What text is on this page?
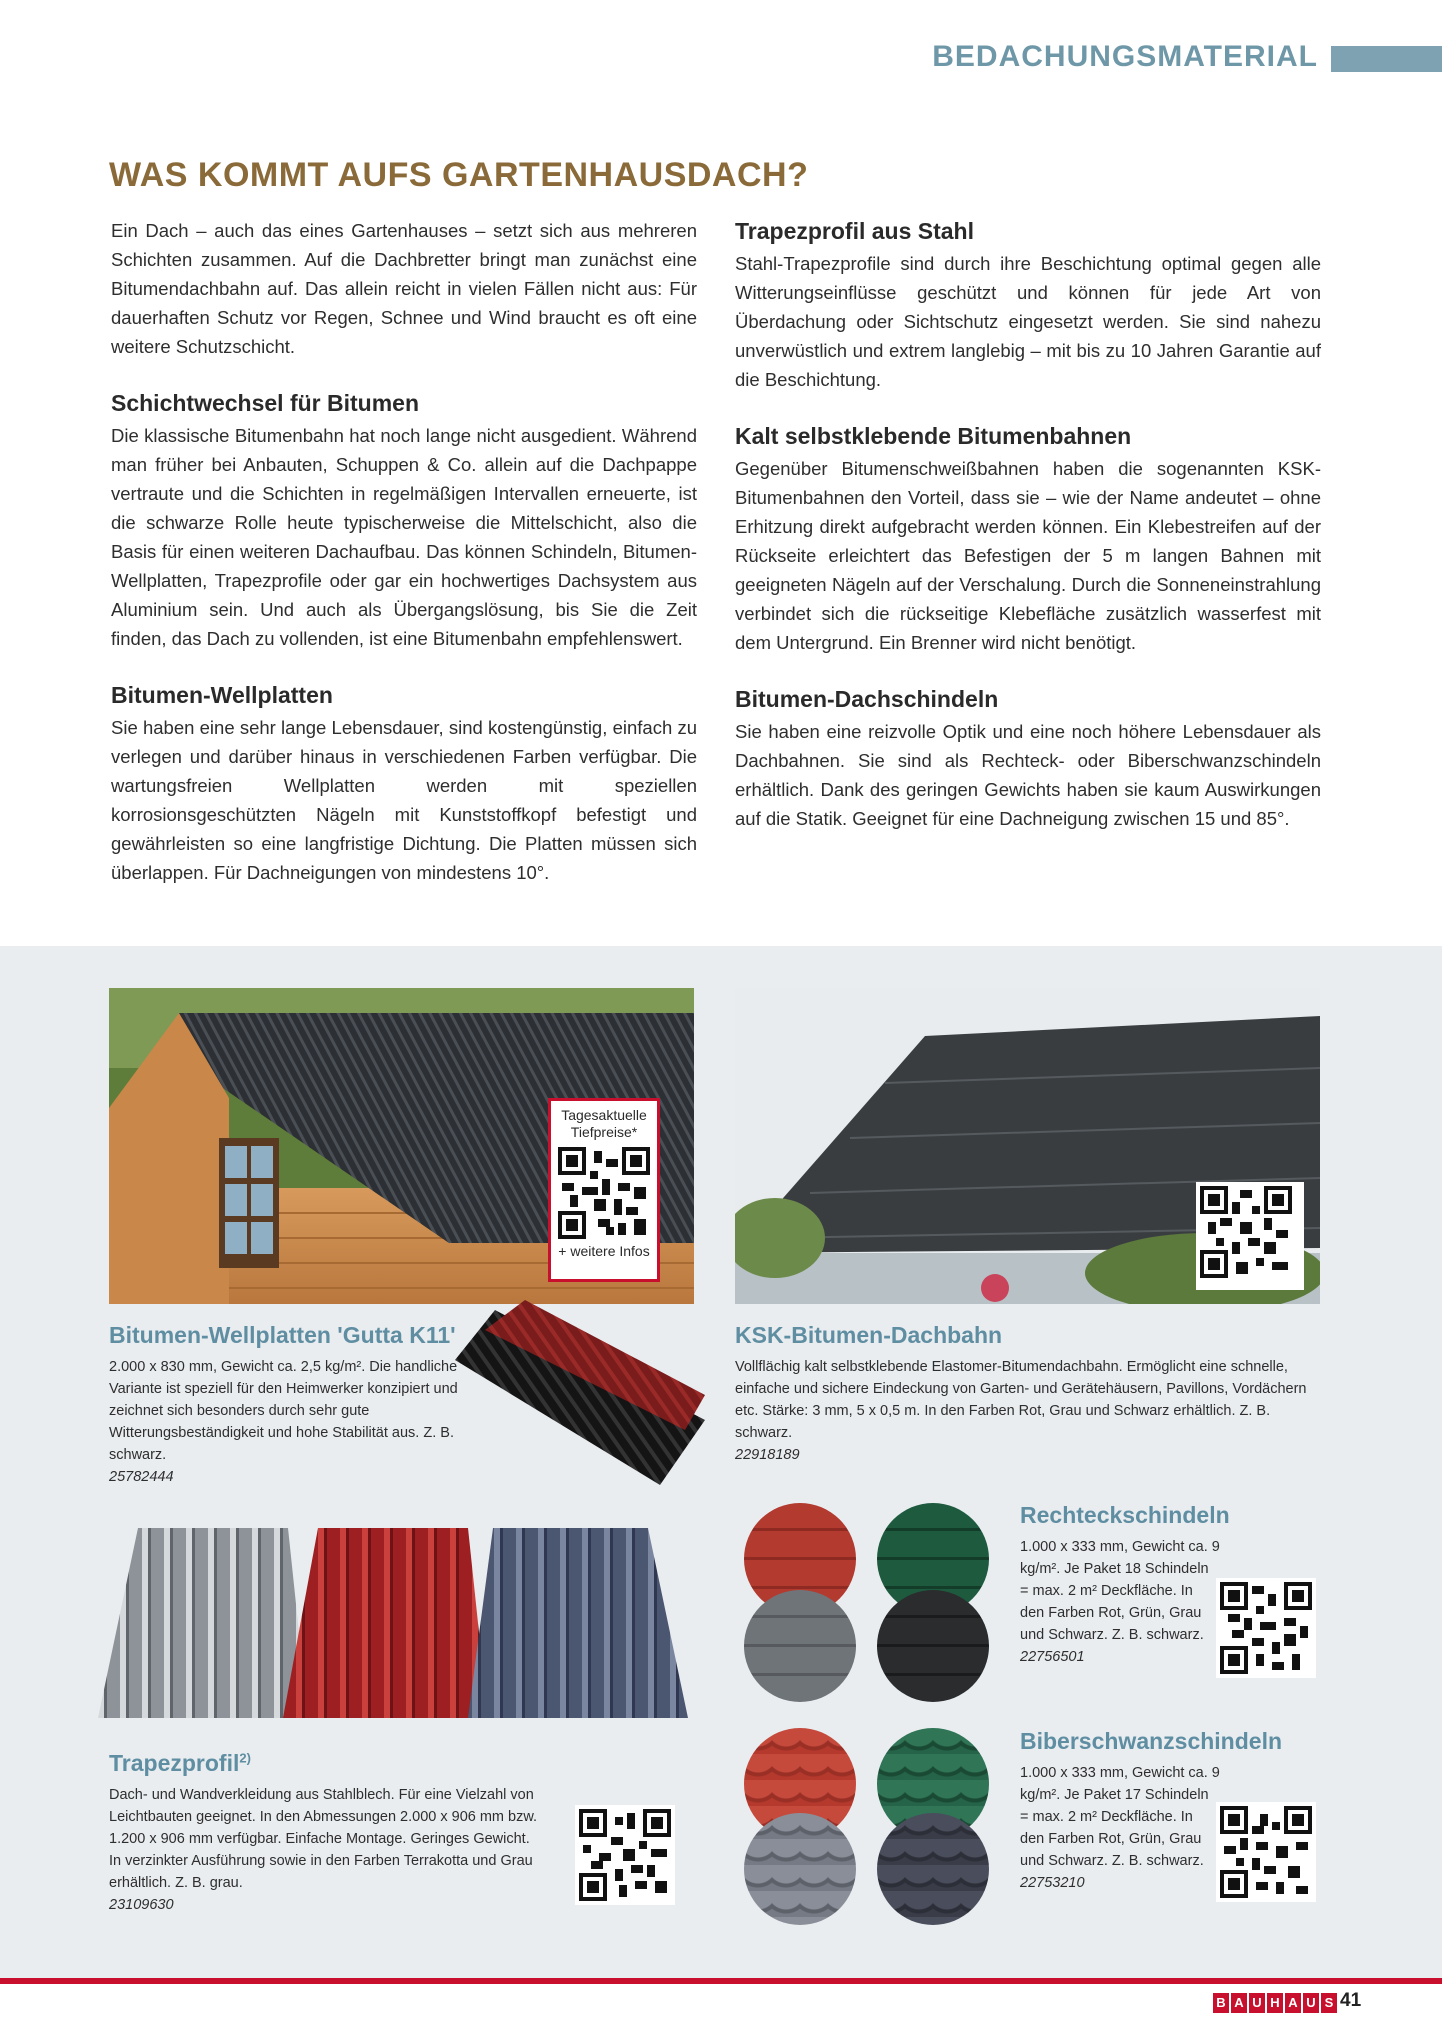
BEDACHUNGSMATERIAL
WAS KOMMT AUFS GARTENHAUSDACH?

Ein Dach – auch das eines Gartenhauses – setzt sich aus mehreren Schichten zusammen. Auf die Dachbretter bringt man zunächst eine Bitumendachbahn auf. Das allein reicht in vielen Fällen nicht aus: Für dauerhaften Schutz vor Regen, Schnee und Wind braucht es oft eine weitere Schutzschicht.

Schichtwechsel für Bitumen

Die klassische Bitumenbahn hat noch lange nicht ausgedient. Während man früher bei Anbauten, Schuppen & Co. allein auf die Dachpappe vertraute und die Schichten in regelmäßigen Intervallen erneuerte, ist die schwarze Rolle heute typischerweise die Mittelschicht, also die Basis für einen weiteren Dachaufbau. Das können Schindeln, Bitumen-Wellplatten, Trapezprofile oder gar ein hochwertiges Dachsystem aus Aluminium sein. Und auch als Übergangslösung, bis Sie die Zeit finden, das Dach zu vollenden, ist eine Bitumenbahn empfehlenswert.

Bitumen-Wellplatten

Sie haben eine sehr lange Lebensdauer, sind kostengünstig, einfach zu verlegen und darüber hinaus in verschiedenen Farben verfügbar. Die wartungsfreien Wellplatten werden mit speziellen korrosionsgeschützten Nägeln mit Kunststoffkopf befestigt und gewährleisten so eine langfristige Dichtung. Die Platten müssen sich überlappen. Für Dachneigungen von mindestens 10°.

Trapezprofil aus Stahl

Stahl-Trapezprofile sind durch ihre Beschichtung optimal gegen alle Witterungseinflüsse geschützt und können für jede Art von Überdachung oder Sichtschutz eingesetzt werden. Sie sind nahezu unverwüstlich und extrem langlebig – mit bis zu 10 Jahren Garantie auf die Beschichtung.

Kalt selbstklebende Bitumenbahnen

Gegenüber Bitumenschweißbahnen haben die sogenannten KSK-Bitumenbahnen den Vorteil, dass sie – wie der Name andeutet – ohne Erhitzung direkt aufgebracht werden können. Ein Klebestreifen auf der Rückseite erleichtert das Befestigen der 5 m langen Bahnen mit geeigneten Nägeln auf der Verschalung. Durch die Sonneneinstrahlung verbindet sich die rückseitige Klebefläche zusätzlich wasserfest mit dem Untergrund. Ein Brenner wird nicht benötigt.

Bitumen-Dachschindeln

Sie haben eine reizvolle Optik und eine noch höhere Lebensdauer als Dachbahnen. Sie sind als Rechteck- oder Biberschwanzschindeln erhältlich. Dank des geringen Gewichts haben sie kaum Auswirkungen auf die Statik. Geeignet für eine Dachneigung zwischen 15 und 85°.

Tagesaktuelle Tiefpreise*
+ weitere Infos
Bitumen-Wellplatten 'Gutta K11'
2.000 x 830 mm, Gewicht ca. 2,5 kg/m². Die handliche Variante ist speziell für den Heimwerker konzipiert und zeichnet sich besonders durch sehr gute Witterungsbeständigkeit und hohe Stabilität aus. Z. B. schwarz.
25782444
KSK-Bitumen-Dachbahn
Vollflächig kalt selbstklebende Elastomer-Bitumendachbahn. Ermöglicht eine schnelle, einfache und sichere Eindeckung von Garten- und Gerätehäusern, Pavillons, Vordächern etc. Stärke: 3 mm, 5 x 0,5 m. In den Farben Rot, Grau und Schwarz erhältlich. Z. B. schwarz.
22918189
Trapezprofil$^{2)}$
Dach- und Wandverkleidung aus Stahlblech. Für eine Vielzahl von Leichtbauten geeignet. In den Abmessungen 2.000 x 906 mm bzw. 1.200 x 906 mm verfügbar. Einfache Montage. Geringes Gewicht. In verzinkter Ausführung sowie in den Farben Terrakotta und Grau erhältlich. Z. B. grau.
23109630
Rechteckschindeln
1.000 x 333 mm, Gewicht ca. 9 kg/m². Je Paket 18 Schindeln = max. 2 m² Deckfläche. In den Farben Rot, Grün, Grau und Schwarz. Z. B. schwarz.
22756501
Biberschwanzschindeln
1.000 x 333 mm, Gewicht ca. 9 kg/m². Je Paket 17 Schindeln = max. 2 m² Deckfläche. In den Farben Rot, Grün, Grau und Schwarz. Z. B. schwarz.
22753210
B A U H A U S 41
